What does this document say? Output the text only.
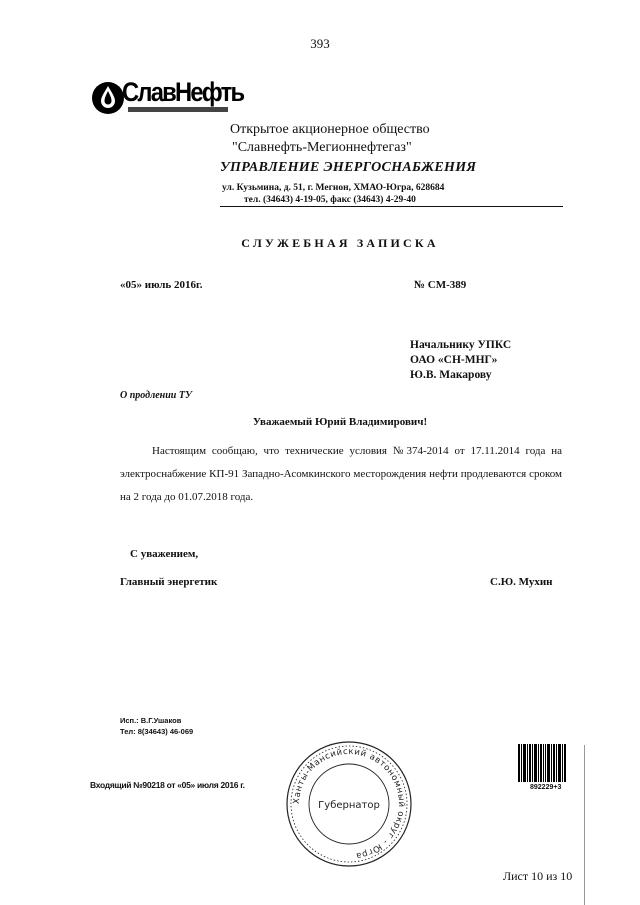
393
СлавНефть
Открытое акционерное общество
"Славнефть-Мегионнефтегаз"
УПРАВЛЕНИЕ ЭНЕРГОСНАБЖЕНИЯ
ул. Кузьмина, д. 51, г. Мегион, ХМАО-Югра, 628684
тел. (34643) 4-19-05, факс (34643) 4-29-40
СЛУЖЕБНАЯ ЗАПИСКА
«05» июль 2016г.	№ СМ-389
Начальнику УПКС
ОАО «СН-МНГ»
Ю.В. Макарову
О продлении ТУ
Уважаемый Юрий Владимирович!

Настоящим сообщаю, что технические условия №374-2014 от 17.11.2014 года на электроснабжение КП-91 Западно-Асомкинского месторождения нефти продлеваются сроком на 2 года до 01.07.2018 года.

С уважением,
Главный энергетик	С.Ю. Мухин
Исп.: В.Г.Ушаков
Тел: 8(34643) 46-069
Входящий №90218 от «05» июля 2016 г.
Ханты-Мансийский автономный округ - Югра
Губернатор
892229+3
Лист 10 из 10
